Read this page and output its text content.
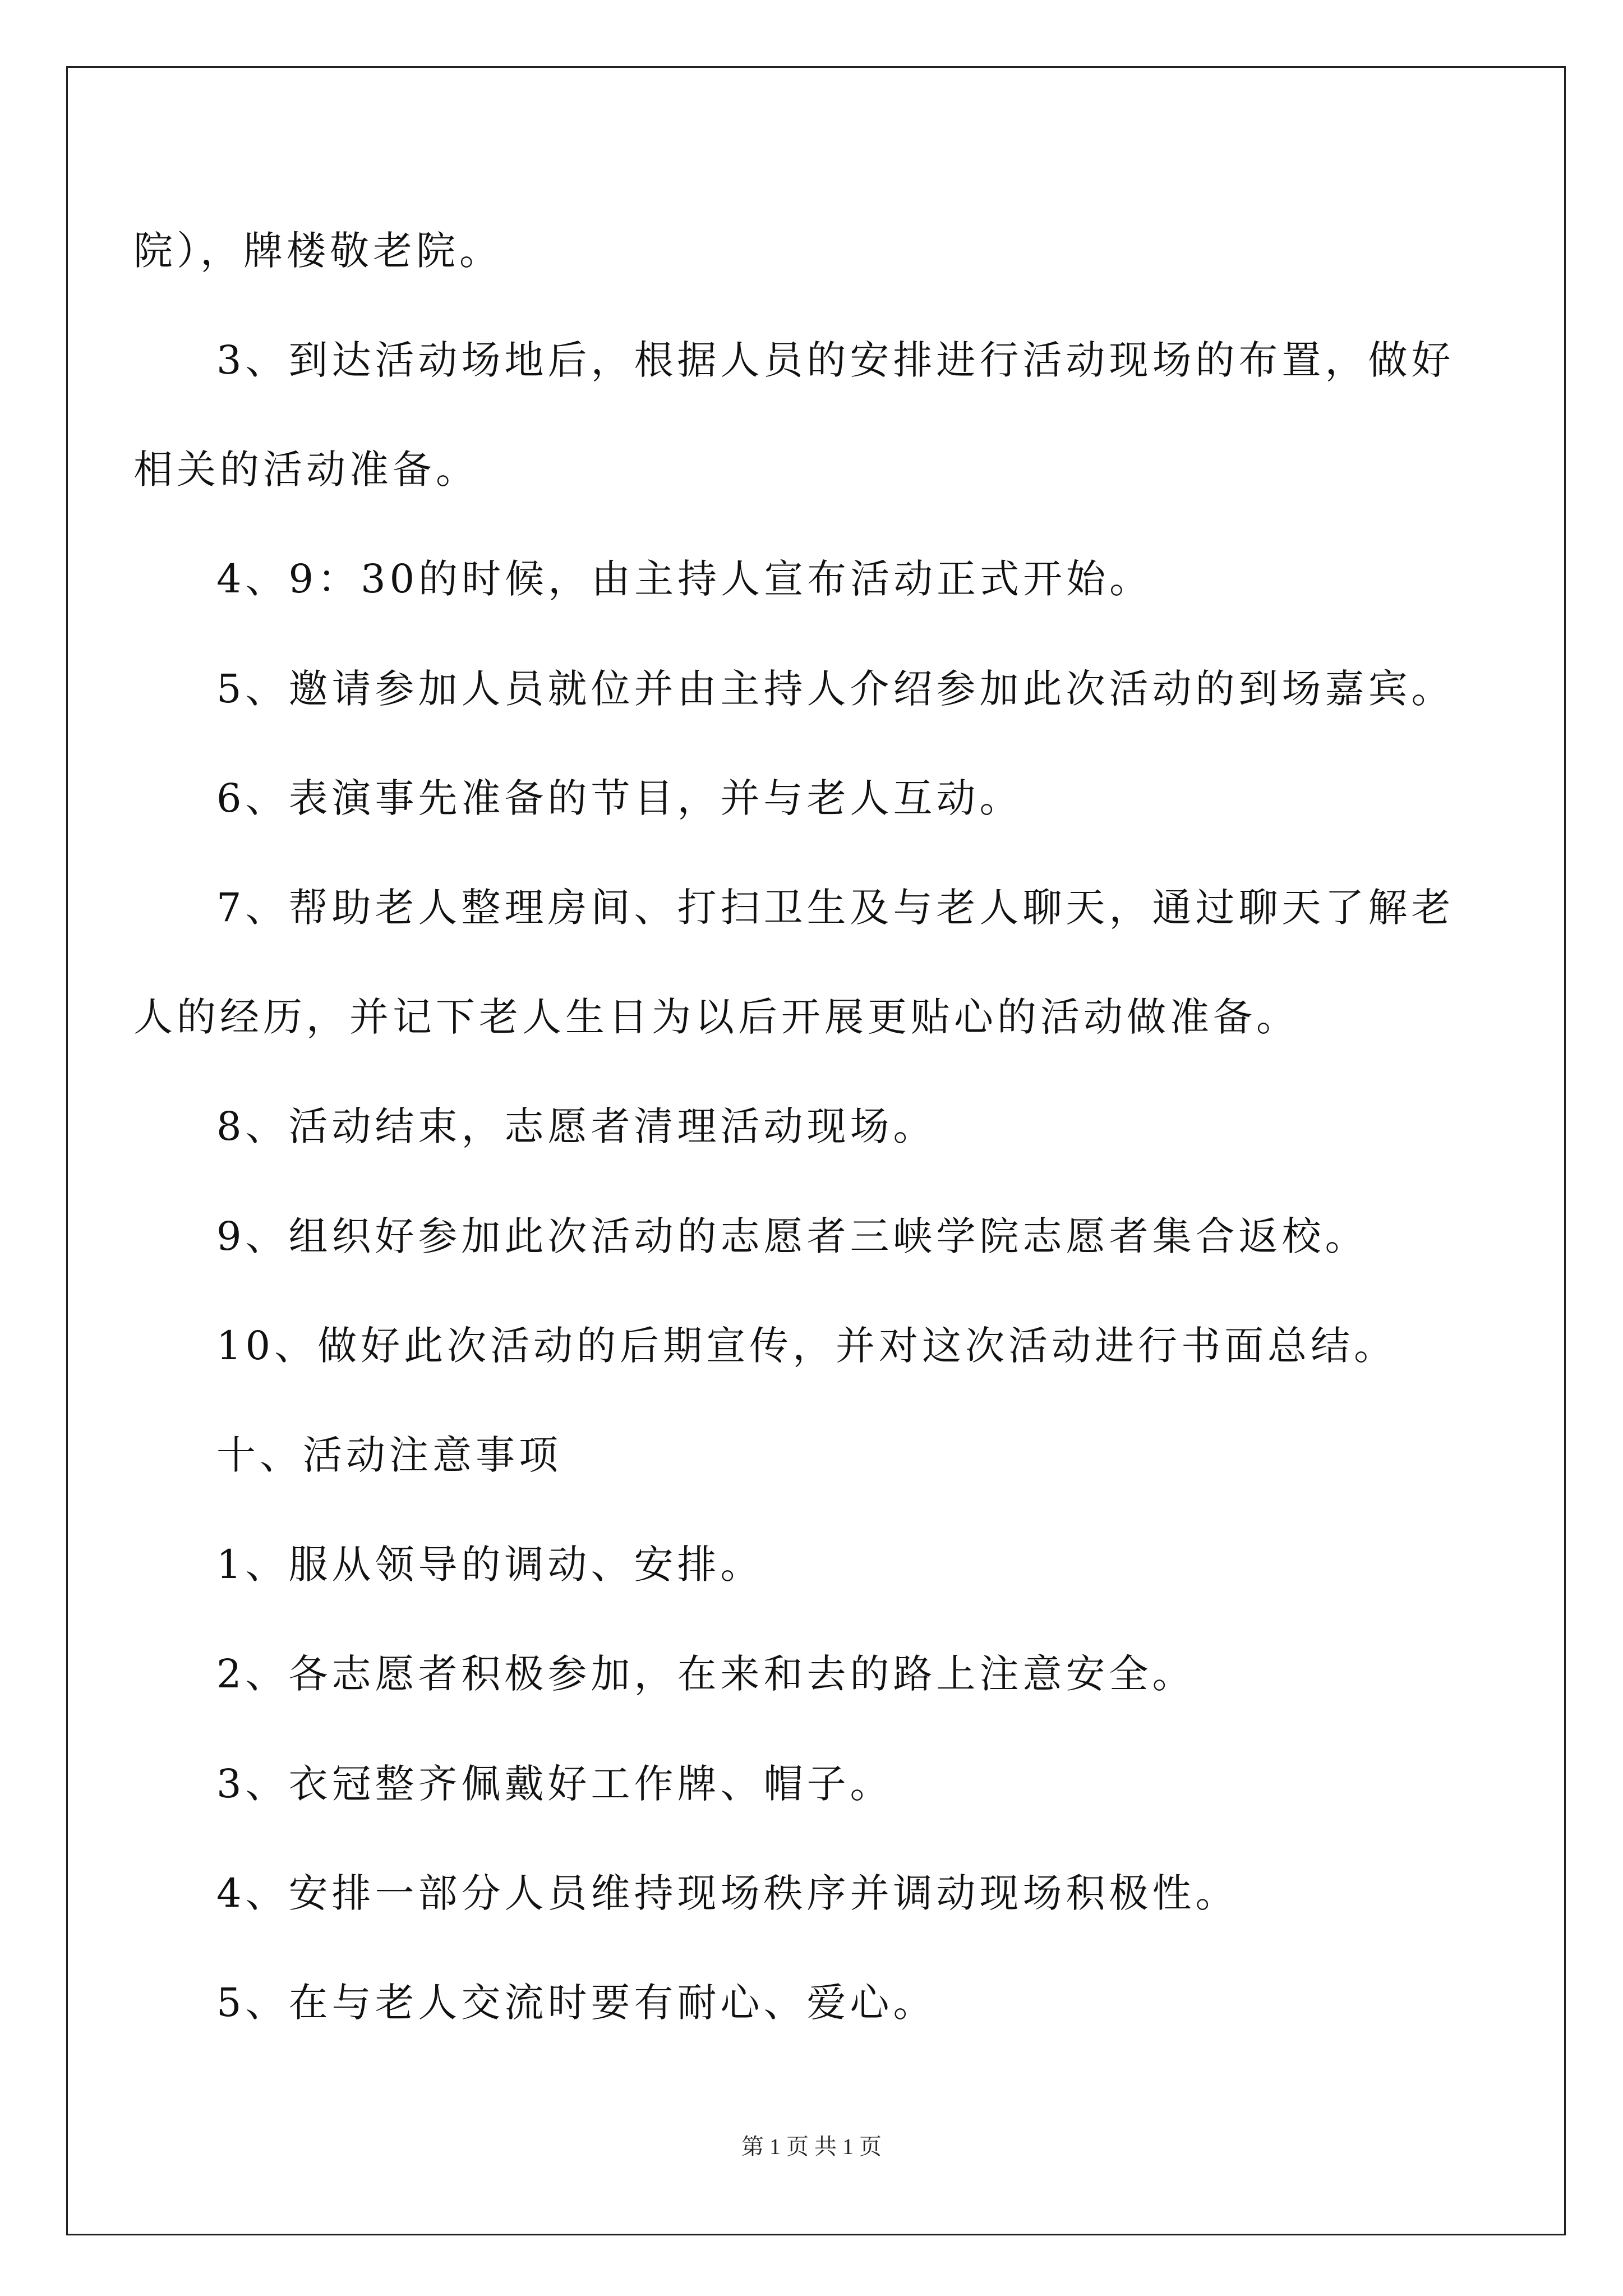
院），牌楼敬老院。
3、到达活动场地后，根据人员的安排进行活动现场的布置，做好
相关的活动准备。
4、9：30的时候，由主持人宣布活动正式开始。
5、邀请参加人员就位并由主持人介绍参加此次活动的到场嘉宾。
6、表演事先准备的节目，并与老人互动。
7、帮助老人整理房间、打扫卫生及与老人聊天，通过聊天了解老
人的经历，并记下老人生日为以后开展更贴心的活动做准备。
8、活动结束，志愿者清理活动现场。
9、组织好参加此次活动的志愿者三峡学院志愿者集合返校。
10、做好此次活动的后期宣传，并对这次活动进行书面总结。
十、活动注意事项
1、服从领导的调动、安排。
2、各志愿者积极参加，在来和去的路上注意安全。
3、衣冠整齐佩戴好工作牌、帽子。
4、安排一部分人员维持现场秩序并调动现场积极性。
5、在与老人交流时要有耐心、爱心。
第 1 页 共 1 页
